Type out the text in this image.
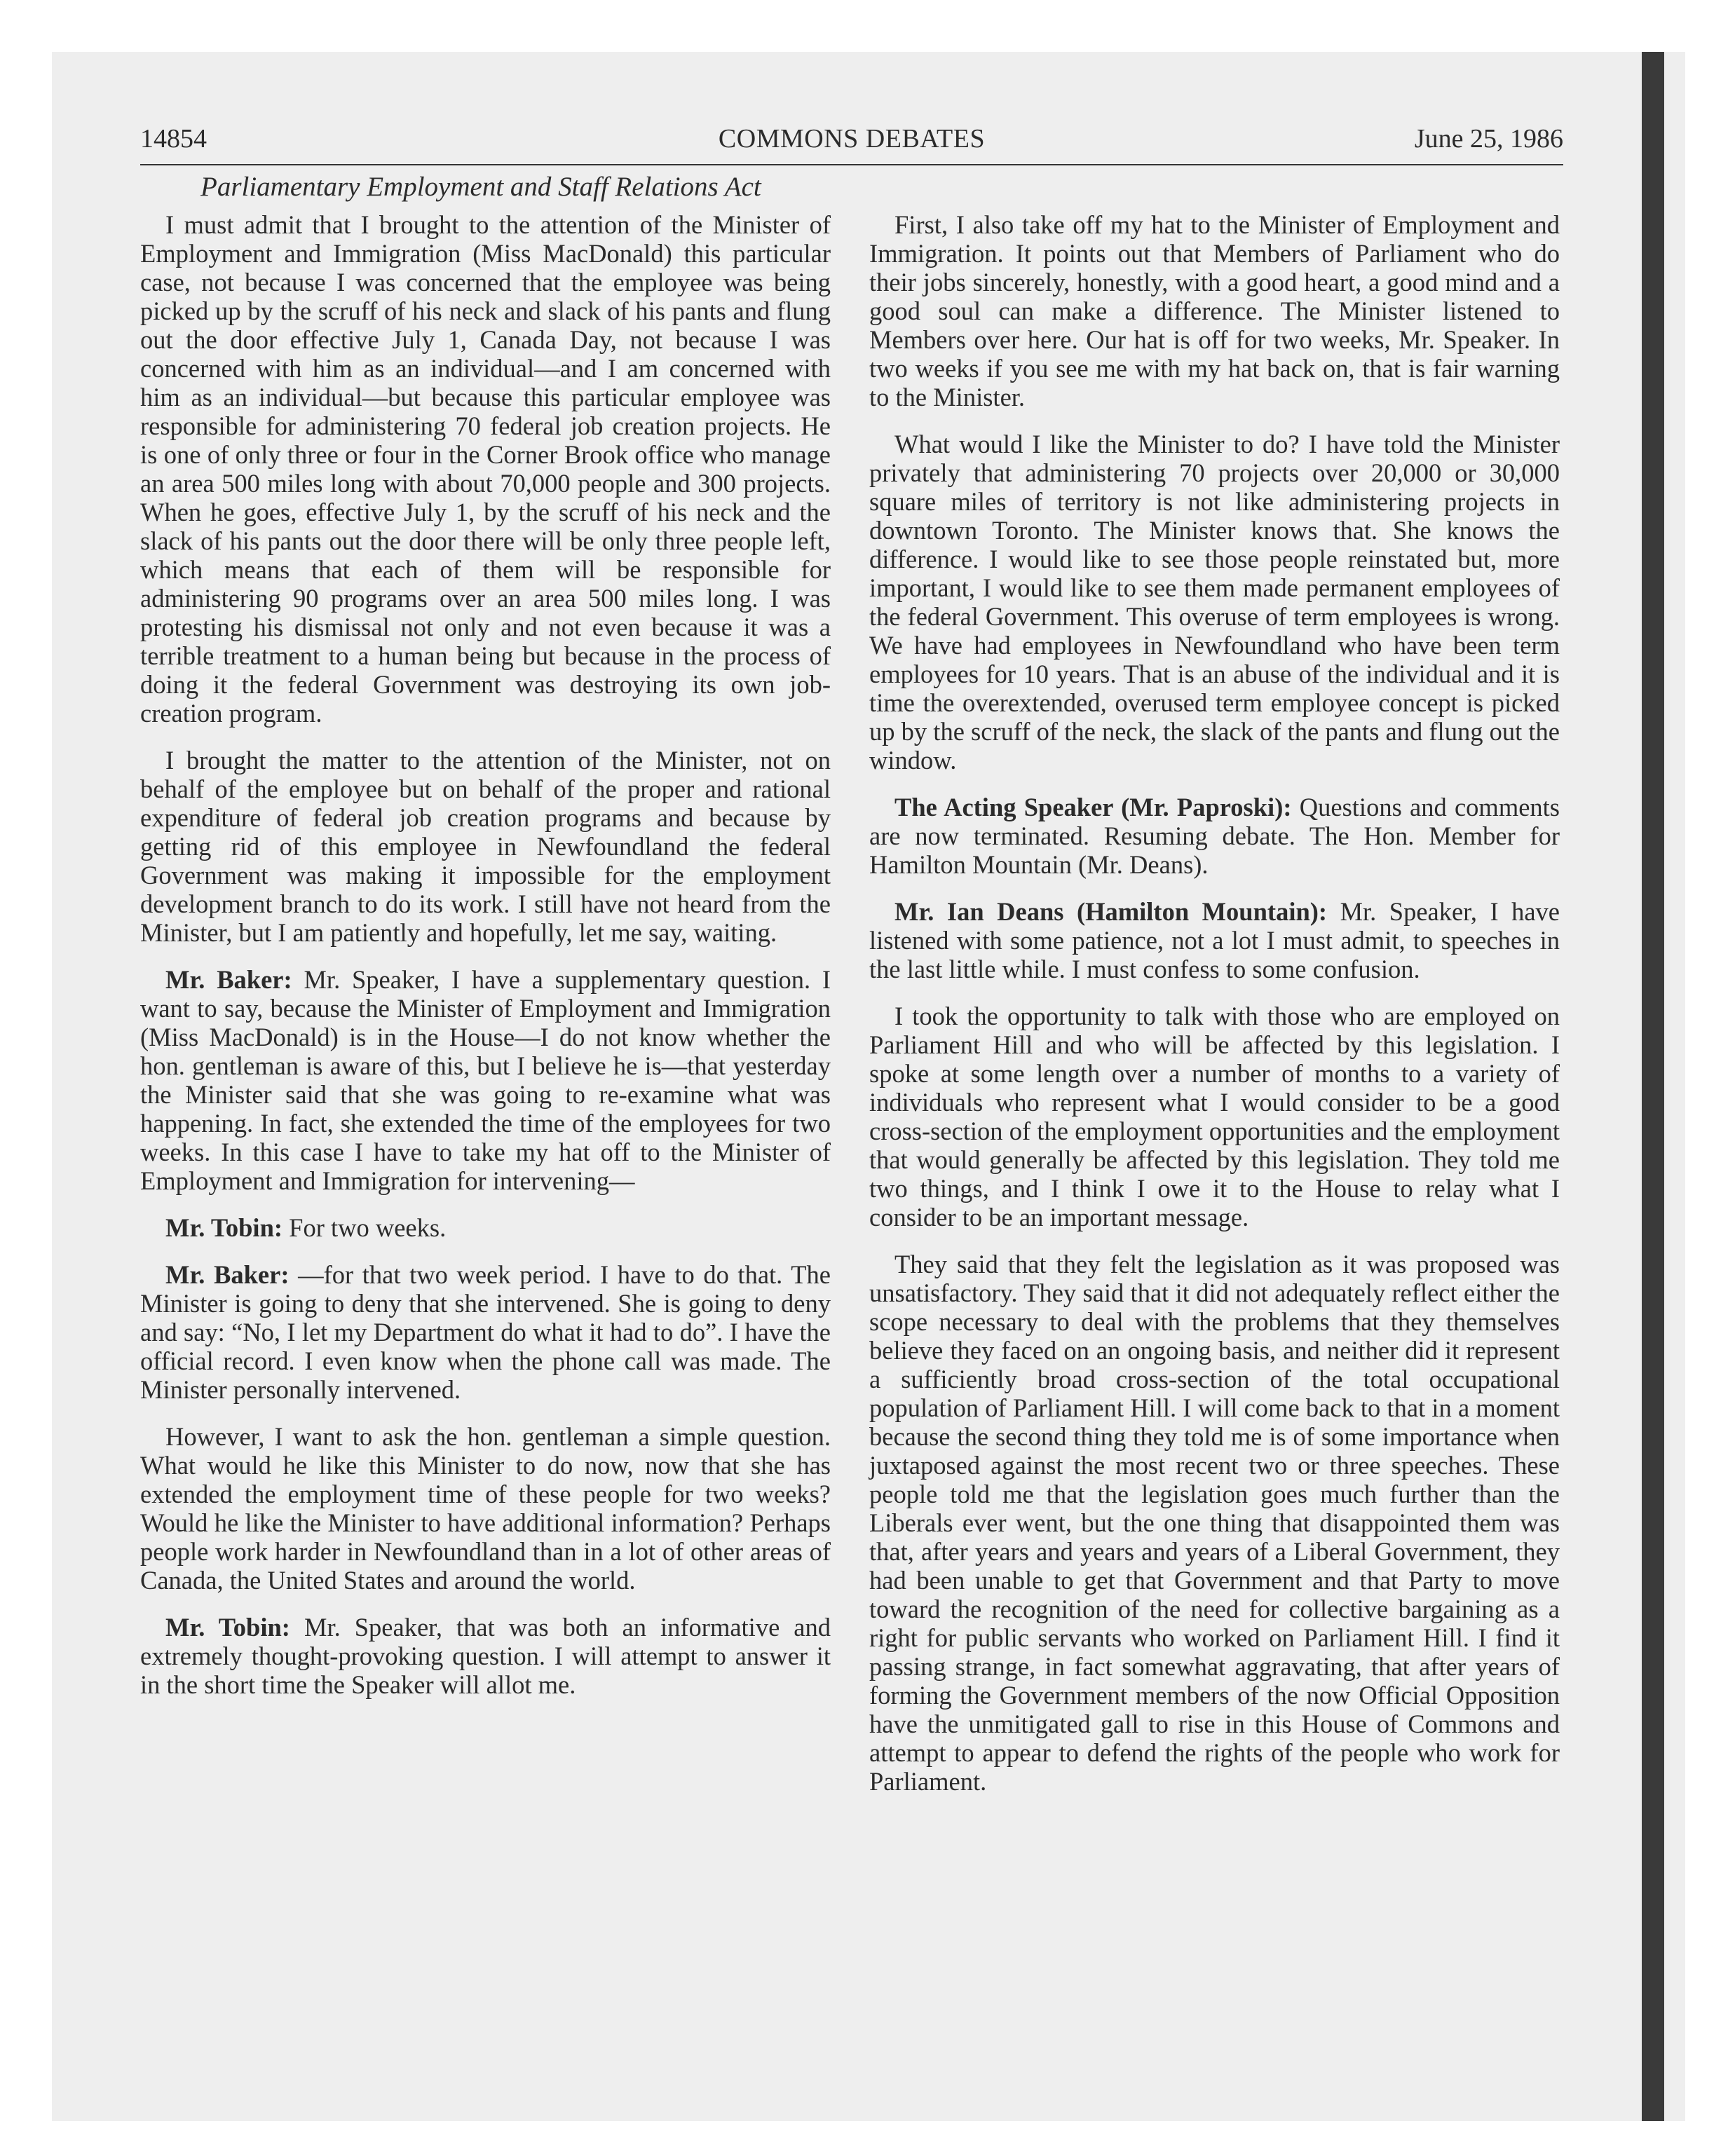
14854	COMMONS DEBATES	June 25, 1986
Parliamentary Employment and Staff Relations Act

I must admit that I brought to the attention of the Minister of Employment and Immigration (Miss MacDonald) this particular case, not because I was concerned that the employee was being picked up by the scruff of his neck and slack of his pants and flung out the door effective July 1, Canada Day, not because I was concerned with him as an individual—and I am concerned with him as an individual—but because this particular employee was responsible for administering 70 federal job creation projects. He is one of only three or four in the Corner Brook office who manage an area 500 miles long with about 70,000 people and 300 projects. When he goes, effective July 1, by the scruff of his neck and the slack of his pants out the door there will be only three people left, which means that each of them will be responsible for administering 90 programs over an area 500 miles long. I was protesting his dismissal not only and not even because it was a terrible treatment to a human being but because in the process of doing it the federal Government was destroying its own job-creation program.

I brought the matter to the attention of the Minister, not on behalf of the employee but on behalf of the proper and rational expenditure of federal job creation programs and because by getting rid of this employee in Newfoundland the federal Government was making it impossible for the employment development branch to do its work. I still have not heard from the Minister, but I am patiently and hopefully, let me say, waiting.

Mr. Baker: Mr. Speaker, I have a supplementary question. I want to say, because the Minister of Employment and Immigration (Miss MacDonald) is in the House—I do not know whether the hon. gentleman is aware of this, but I believe he is—that yesterday the Minister said that she was going to re-examine what was happening. In fact, she extended the time of the employees for two weeks. In this case I have to take my hat off to the Minister of Employment and Immigration for intervening—

Mr. Tobin: For two weeks.

Mr. Baker: —for that two week period. I have to do that. The Minister is going to deny that she intervened. She is going to deny and say: “No, I let my Department do what it had to do”. I have the official record. I even know when the phone call was made. The Minister personally intervened.

However, I want to ask the hon. gentleman a simple question. What would he like this Minister to do now, now that she has extended the employment time of these people for two weeks? Would he like the Minister to have additional information? Perhaps people work harder in Newfoundland than in a lot of other areas of Canada, the United States and around the world.

Mr. Tobin: Mr. Speaker, that was both an informative and extremely thought-provoking question. I will attempt to answer it in the short time the Speaker will allot me.

First, I also take off my hat to the Minister of Employment and Immigration. It points out that Members of Parliament who do their jobs sincerely, honestly, with a good heart, a good mind and a good soul can make a difference. The Minister listened to Members over here. Our hat is off for two weeks, Mr. Speaker. In two weeks if you see me with my hat back on, that is fair warning to the Minister.

What would I like the Minister to do? I have told the Minister privately that administering 70 projects over 20,000 or 30,000 square miles of territory is not like administering projects in downtown Toronto. The Minister knows that. She knows the difference. I would like to see those people reinstated but, more important, I would like to see them made permanent employees of the federal Government. This overuse of term employees is wrong. We have had employees in Newfoundland who have been term employees for 10 years. That is an abuse of the individual and it is time the overextended, overused term employee concept is picked up by the scruff of the neck, the slack of the pants and flung out the window.

The Acting Speaker (Mr. Paproski): Questions and comments are now terminated. Resuming debate. The Hon. Member for Hamilton Mountain (Mr. Deans).

Mr. Ian Deans (Hamilton Mountain): Mr. Speaker, I have listened with some patience, not a lot I must admit, to speeches in the last little while. I must confess to some confusion.

I took the opportunity to talk with those who are employed on Parliament Hill and who will be affected by this legislation. I spoke at some length over a number of months to a variety of individuals who represent what I would consider to be a good cross-section of the employment opportunities and the employment that would generally be affected by this legislation. They told me two things, and I think I owe it to the House to relay what I consider to be an important message.

They said that they felt the legislation as it was proposed was unsatisfactory. They said that it did not adequately reflect either the scope necessary to deal with the problems that they themselves believe they faced on an ongoing basis, and neither did it represent a sufficiently broad cross-section of the total occupational population of Parliament Hill. I will come back to that in a moment because the second thing they told me is of some importance when juxtaposed against the most recent two or three speeches. These people told me that the legislation goes much further than the Liberals ever went, but the one thing that disappointed them was that, after years and years and years of a Liberal Government, they had been unable to get that Government and that Party to move toward the recognition of the need for collective bargaining as a right for public servants who worked on Parliament Hill. I find it passing strange, in fact somewhat aggravating, that after years of forming the Government members of the now Official Opposition have the unmitigated gall to rise in this House of Commons and attempt to appear to defend the rights of the people who work for Parliament.
